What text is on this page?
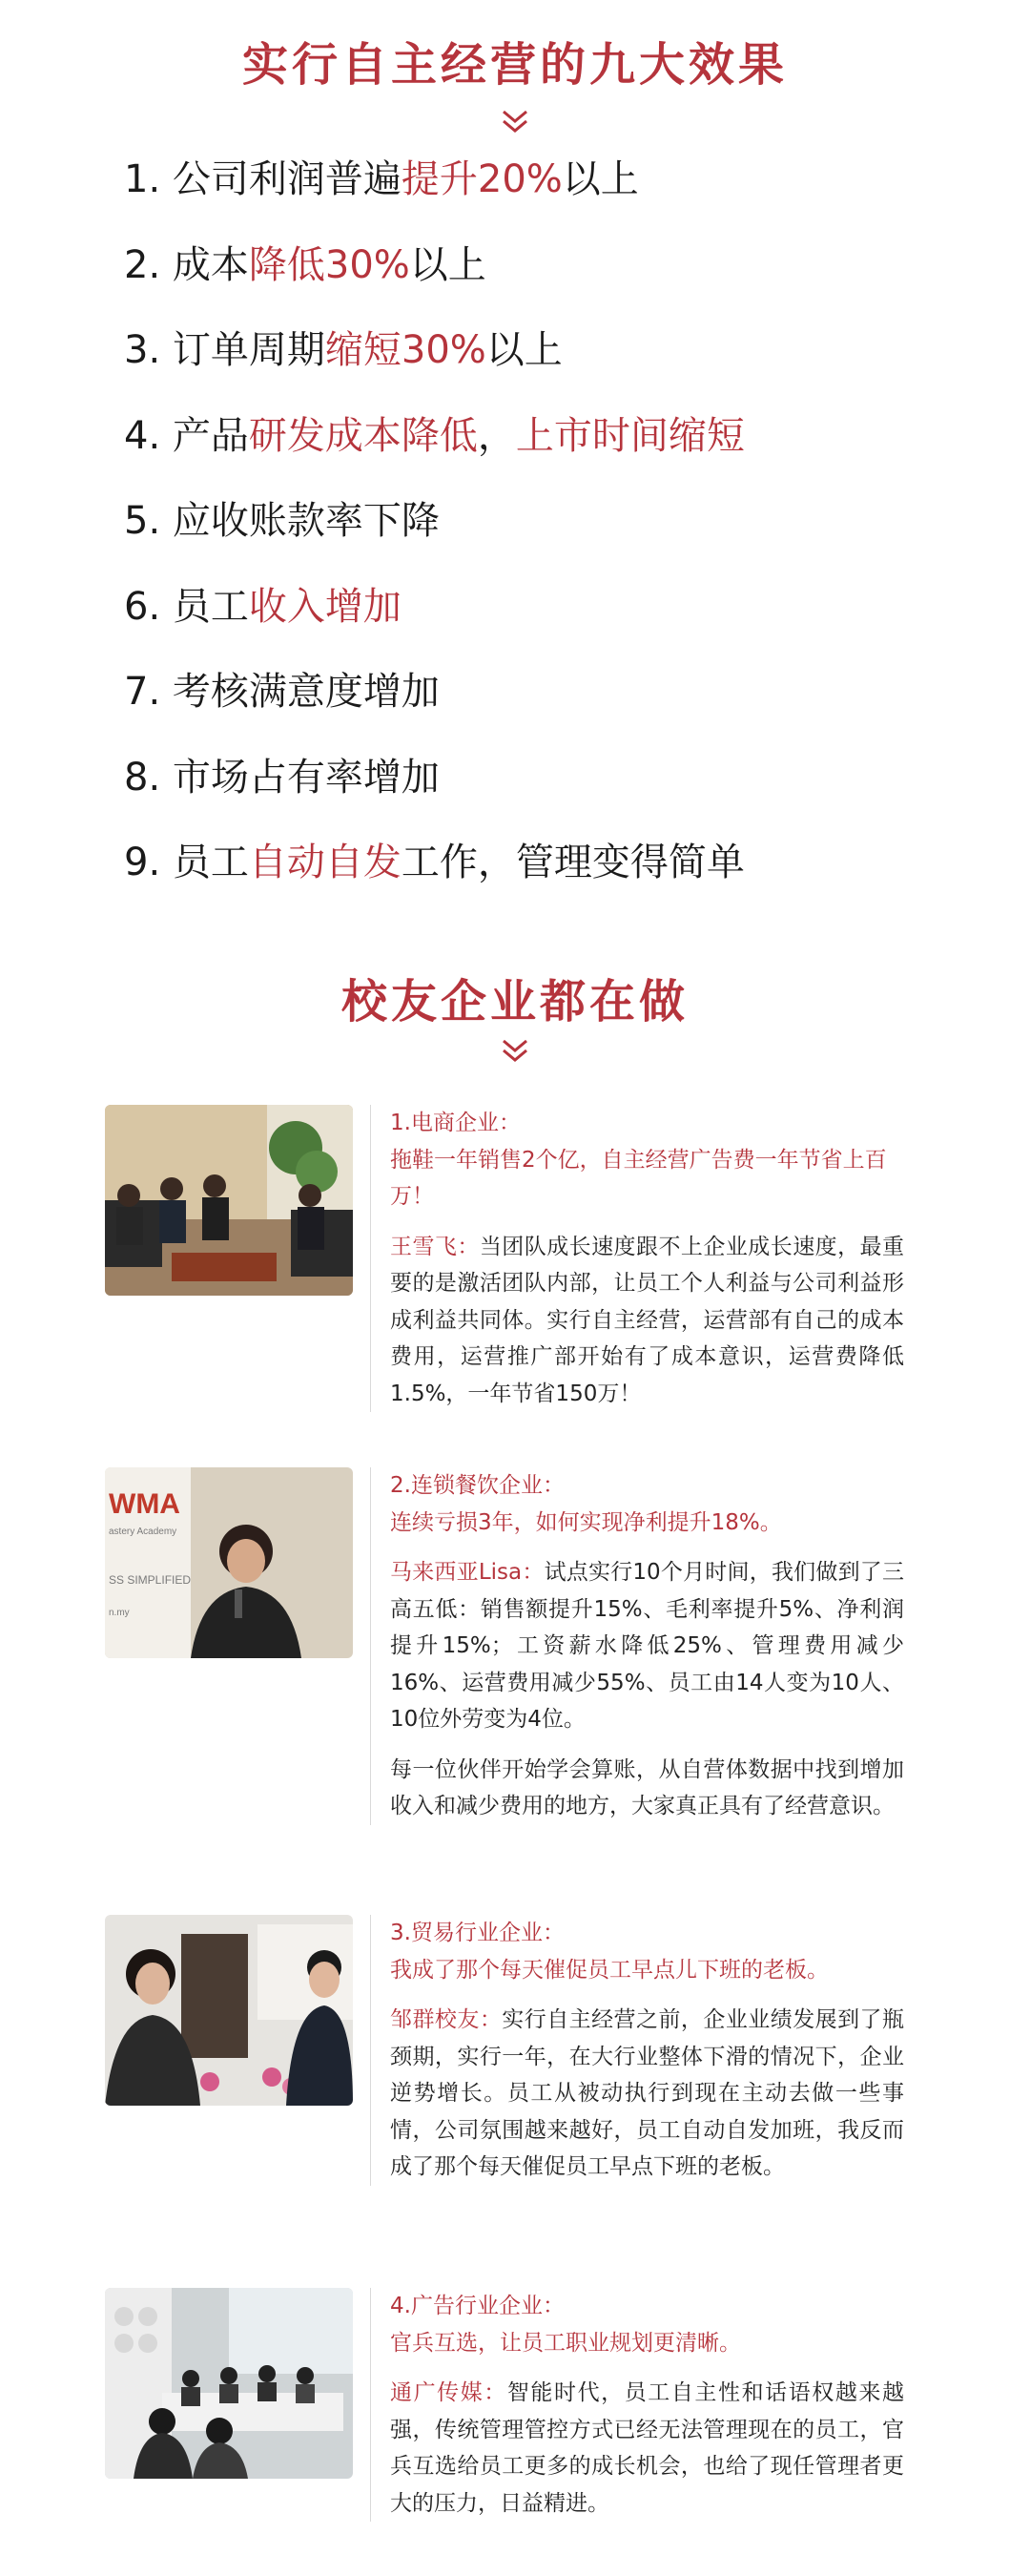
实行自主经营的九大效果
1. 公司利润普遍提升20%以上
2. 成本降低30%以上
3. 订单周期缩短30%以上
4. 产品研发成本降低，上市时间缩短
5. 应收账款率下降
6. 员工收入增加
7. 考核满意度增加
8. 市场占有率增加
9. 员工自动自发工作，管理变得简单
校友企业都在做
1.电商企业：
拖鞋一年销售2个亿，自主经营广告费一年节省上百万！
王雪飞：当团队成长速度跟不上企业成长速度，最重要的是激活团队内部，让员工个人利益与公司利益形成利益共同体。实行自主经营，运营部有自己的成本费用，运营推广部开始有了成本意识，运营费降低1.5%，一年节省150万！
WMA
astery Academy
SS SIMPLIFIED
n.my
2.连锁餐饮企业：
连续亏损3年，如何实现净利提升18%。
马来西亚Lisa：试点实行10个月时间，我们做到了三高五低：销售额提升15%、毛利率提升5%、净利润提升15%；工资薪水降低25%、管理费用减少16%、运营费用减少55%、员工由14人变为10人、10位外劳变为4位。
每一位伙伴开始学会算账，从自营体数据中找到增加收入和减少费用的地方，大家真正具有了经营意识。
3.贸易行业企业：
我成了那个每天催促员工早点儿下班的老板。
邹群校友：实行自主经营之前，企业业绩发展到了瓶颈期，实行一年，在大行业整体下滑的情况下，企业逆势增长。员工从被动执行到现在主动去做一些事情，公司氛围越来越好，员工自动自发加班，我反而成了那个每天催促员工早点下班的老板。
4.广告行业企业：
官兵互选，让员工职业规划更清晰。
通广传媒：智能时代，员工自主性和话语权越来越强，传统管理管控方式已经无法管理现在的员工，官兵互选给员工更多的成长机会，也给了现任管理者更大的压力，日益精进。
